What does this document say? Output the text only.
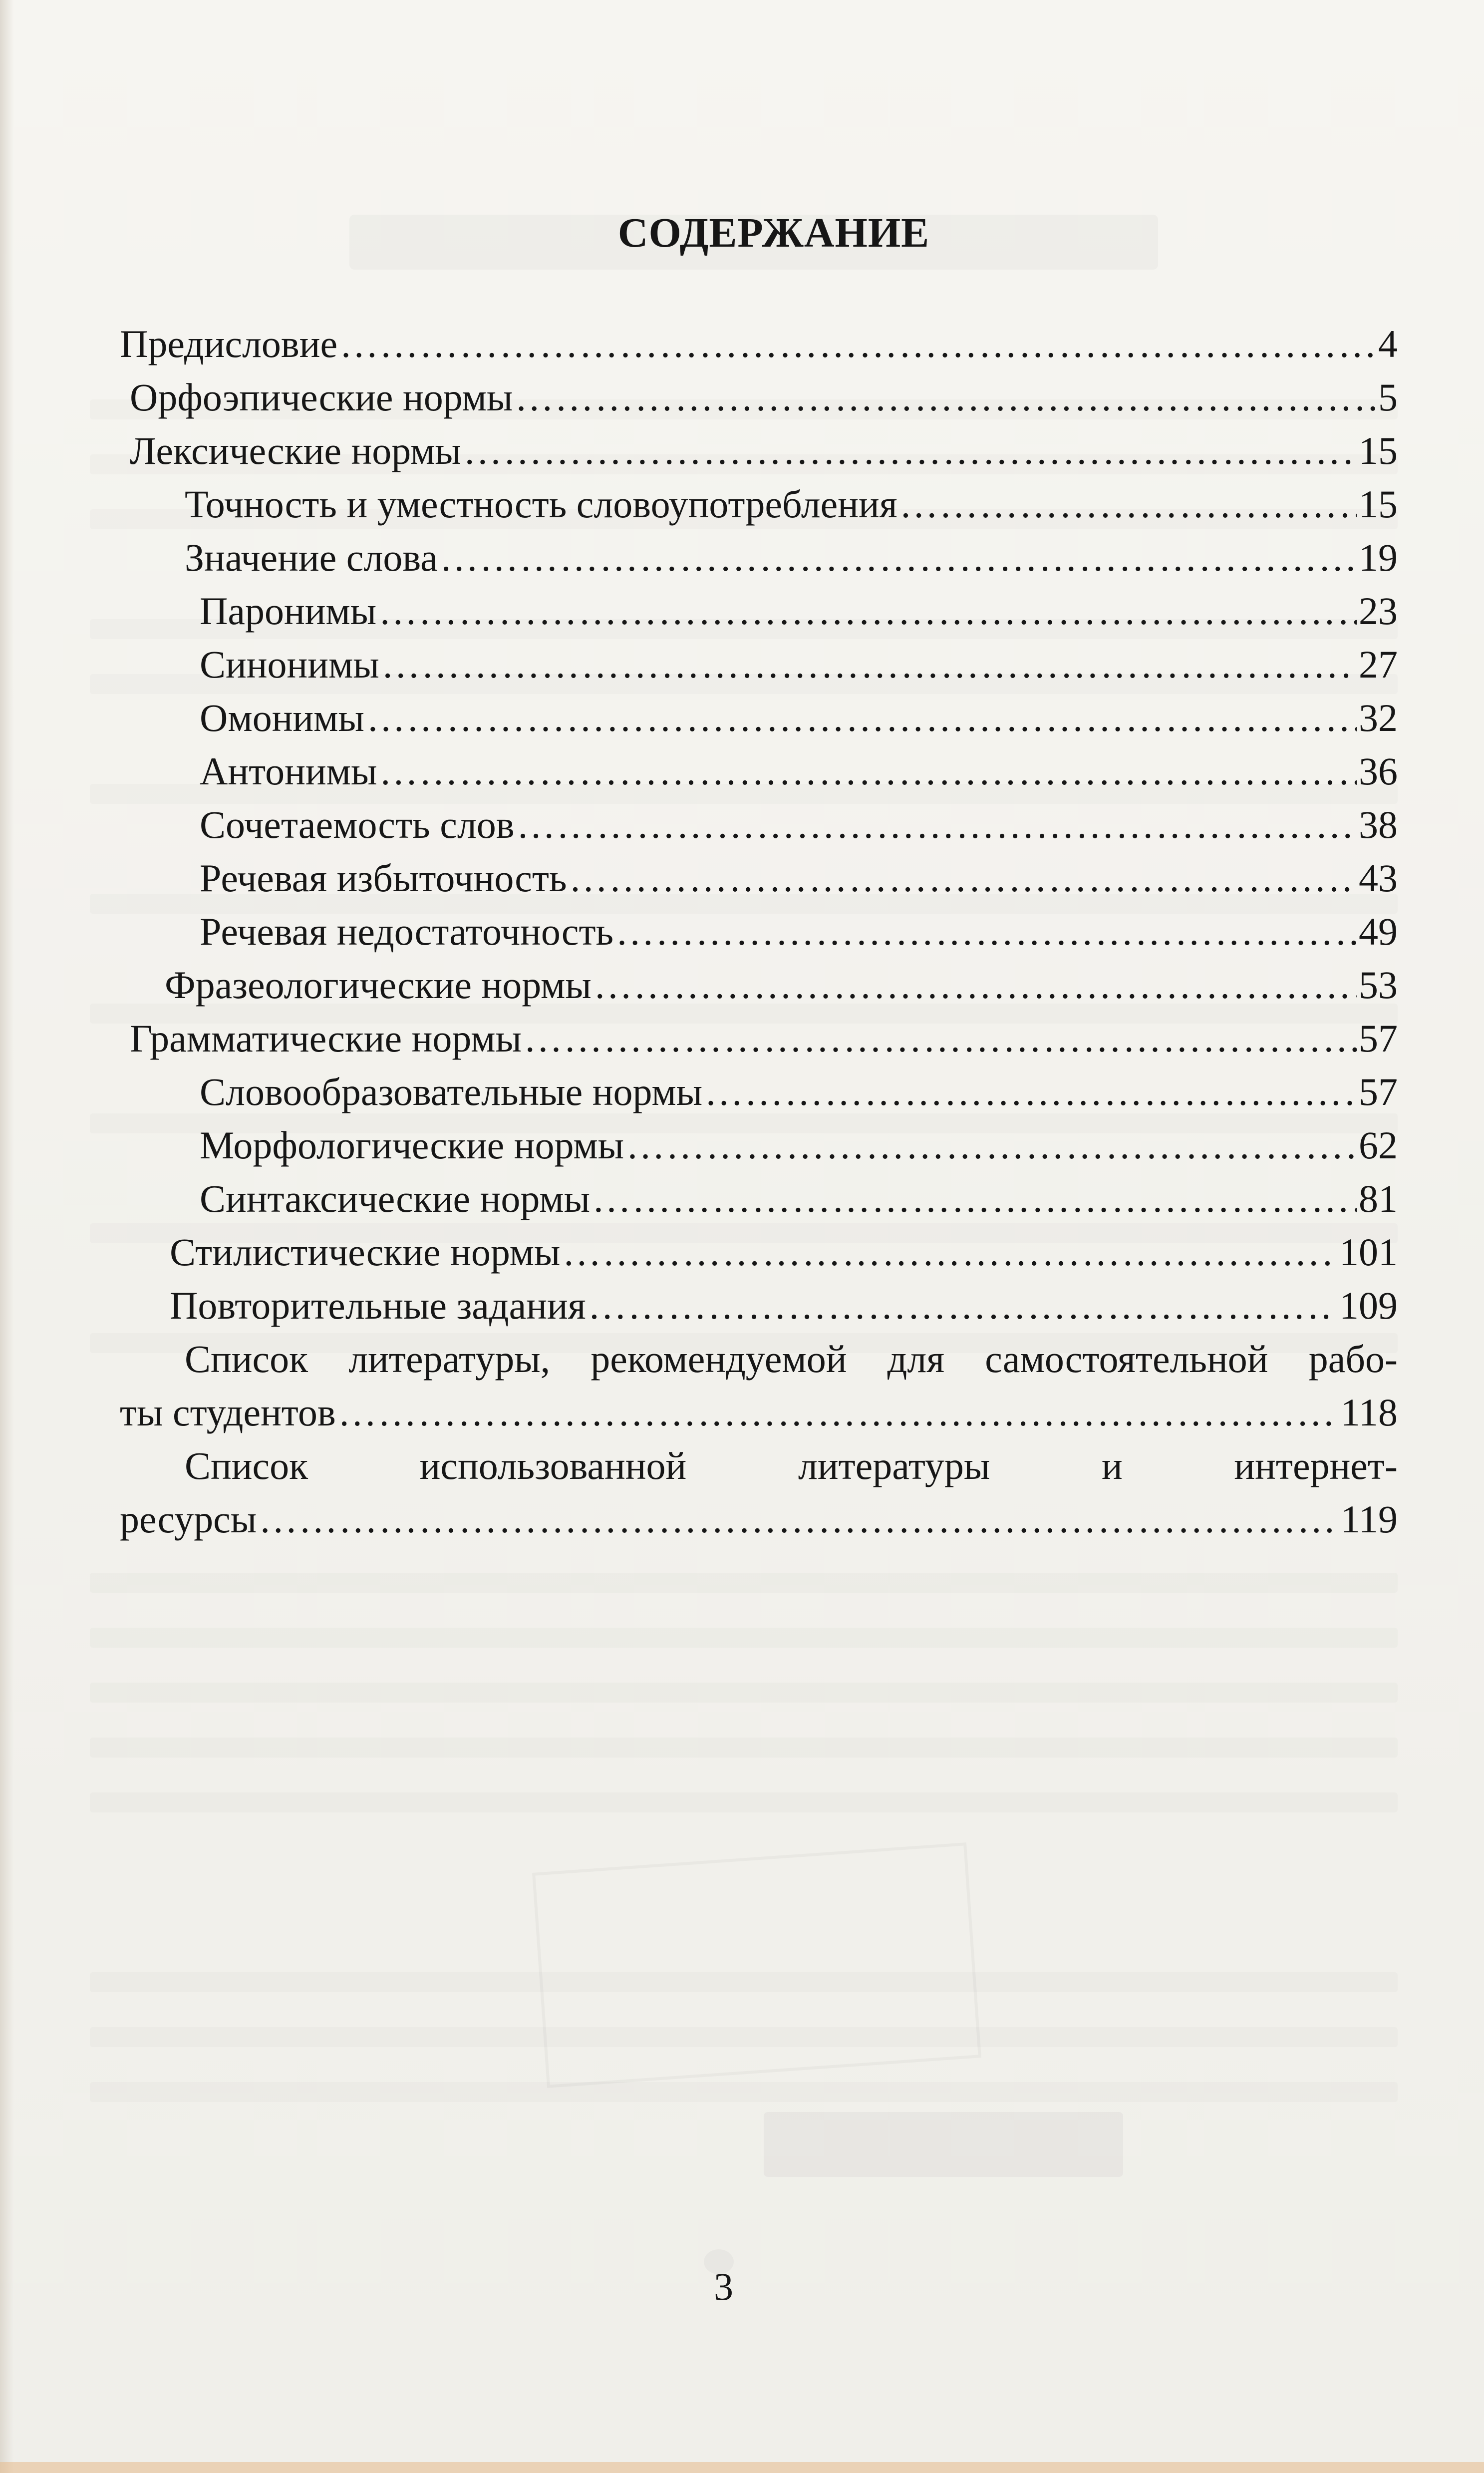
СОДЕРЖАНИЕ
Предисловие ………………………………………………………………………………………………………………………………………………………………………………………………………………………………………………………………	4
Орфоэпические нормы ………………………………………………………………………………………………………………………………………………………………………………………………………………………………………………………………	5
Лексические нормы ………………………………………………………………………………………………………………………………………………………………………………………………………………………………………………………………	15
Точность и уместность словоупотребления ………………………………………………………………………………………………………………………………………………………………………………………………………………………………………………………………	15
Значение слова ………………………………………………………………………………………………………………………………………………………………………………………………………………………………………………………………	19
Паронимы ………………………………………………………………………………………………………………………………………………………………………………………………………………………………………………………………	23
Синонимы ………………………………………………………………………………………………………………………………………………………………………………………………………………………………………………………………	27
Омонимы ………………………………………………………………………………………………………………………………………………………………………………………………………………………………………………………………	32
Антонимы ………………………………………………………………………………………………………………………………………………………………………………………………………………………………………………………………	36
Сочетаемость слов ………………………………………………………………………………………………………………………………………………………………………………………………………………………………………………………………	38
Речевая избыточность ………………………………………………………………………………………………………………………………………………………………………………………………………………………………………………………………	43
Речевая недостаточность ………………………………………………………………………………………………………………………………………………………………………………………………………………………………………………………………	49
Фразеологические нормы ………………………………………………………………………………………………………………………………………………………………………………………………………………………………………………………………	53
Грамматические нормы ………………………………………………………………………………………………………………………………………………………………………………………………………………………………………………………………	57
Словообразовательные нормы ………………………………………………………………………………………………………………………………………………………………………………………………………………………………………………………………	57
Морфологические нормы ………………………………………………………………………………………………………………………………………………………………………………………………………………………………………………………………	62
Синтаксические нормы ………………………………………………………………………………………………………………………………………………………………………………………………………………………………………………………………	81
Стилистические нормы ………………………………………………………………………………………………………………………………………………………………………………………………………………………………………………………………	101
Повторительные задания ………………………………………………………………………………………………………………………………………………………………………………………………………………………………………………………………	109
Список литературы, рекомендуемой для самостоятельной рабо-
ты студентов ………………………………………………………………………………………………………………………………………………………………………………………………………………………………………………………………	118
Список использованной литературы и интернет-
ресурсы ………………………………………………………………………………………………………………………………………………………………………………………………………………………………………………………………	119

3
